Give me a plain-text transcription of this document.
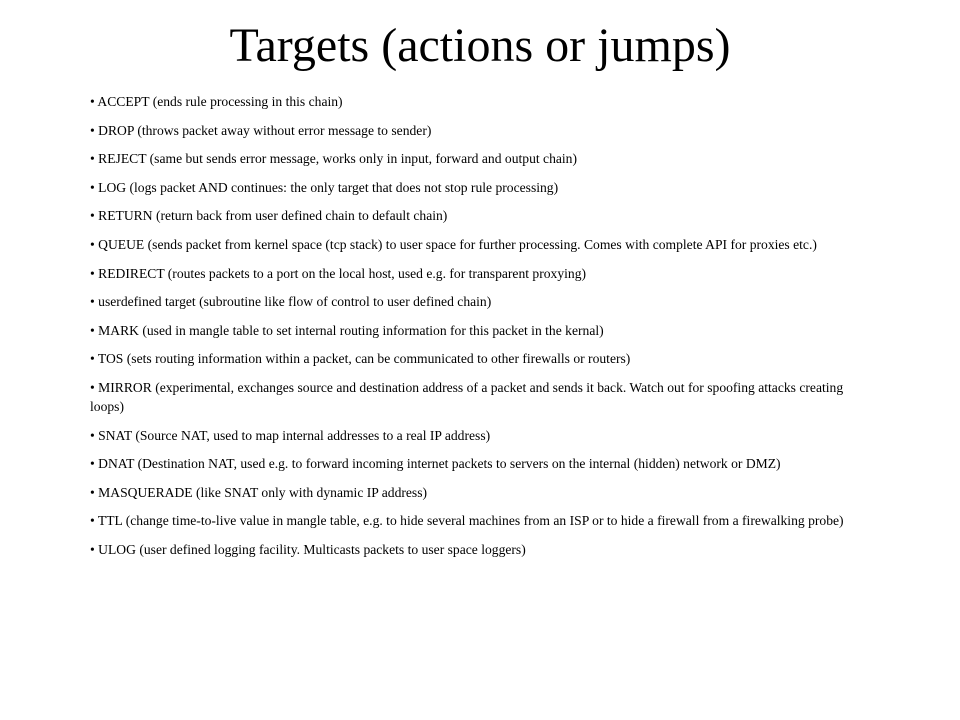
Targets (actions or jumps)
• ACCEPT (ends rule processing in this chain)
• DROP (throws packet away without error message to sender)
• REJECT (same but sends error message, works only in input, forward and output chain)
• LOG (logs packet AND continues: the only target that does not stop rule processing)
• RETURN (return back from user defined chain to default chain)
• QUEUE (sends packet from kernel space (tcp stack) to user space for further processing. Comes with complete API for proxies etc.)
• REDIRECT (routes packets to a port on the local host, used e.g. for transparent proxying)
• userdefined target (subroutine like flow of control to user defined chain)
• MARK (used in mangle table to set internal routing information for this packet in the kernal)
• TOS (sets routing information within a packet, can be communicated to other firewalls or routers)
• MIRROR (experimental, exchanges source and destination address of a packet and sends it back. Watch out for spoofing attacks creating loops)
• SNAT (Source NAT, used to map internal addresses to a real IP address)
• DNAT (Destination NAT, used e.g. to forward incoming internet packets to servers on the internal (hidden) network or DMZ)
• MASQUERADE (like SNAT only with dynamic IP address)
• TTL (change time-to-live value in mangle table, e.g. to hide several machines from an ISP or to hide a firewall from a firewalking probe)
• ULOG (user defined logging facility. Multicasts packets to user space loggers)
